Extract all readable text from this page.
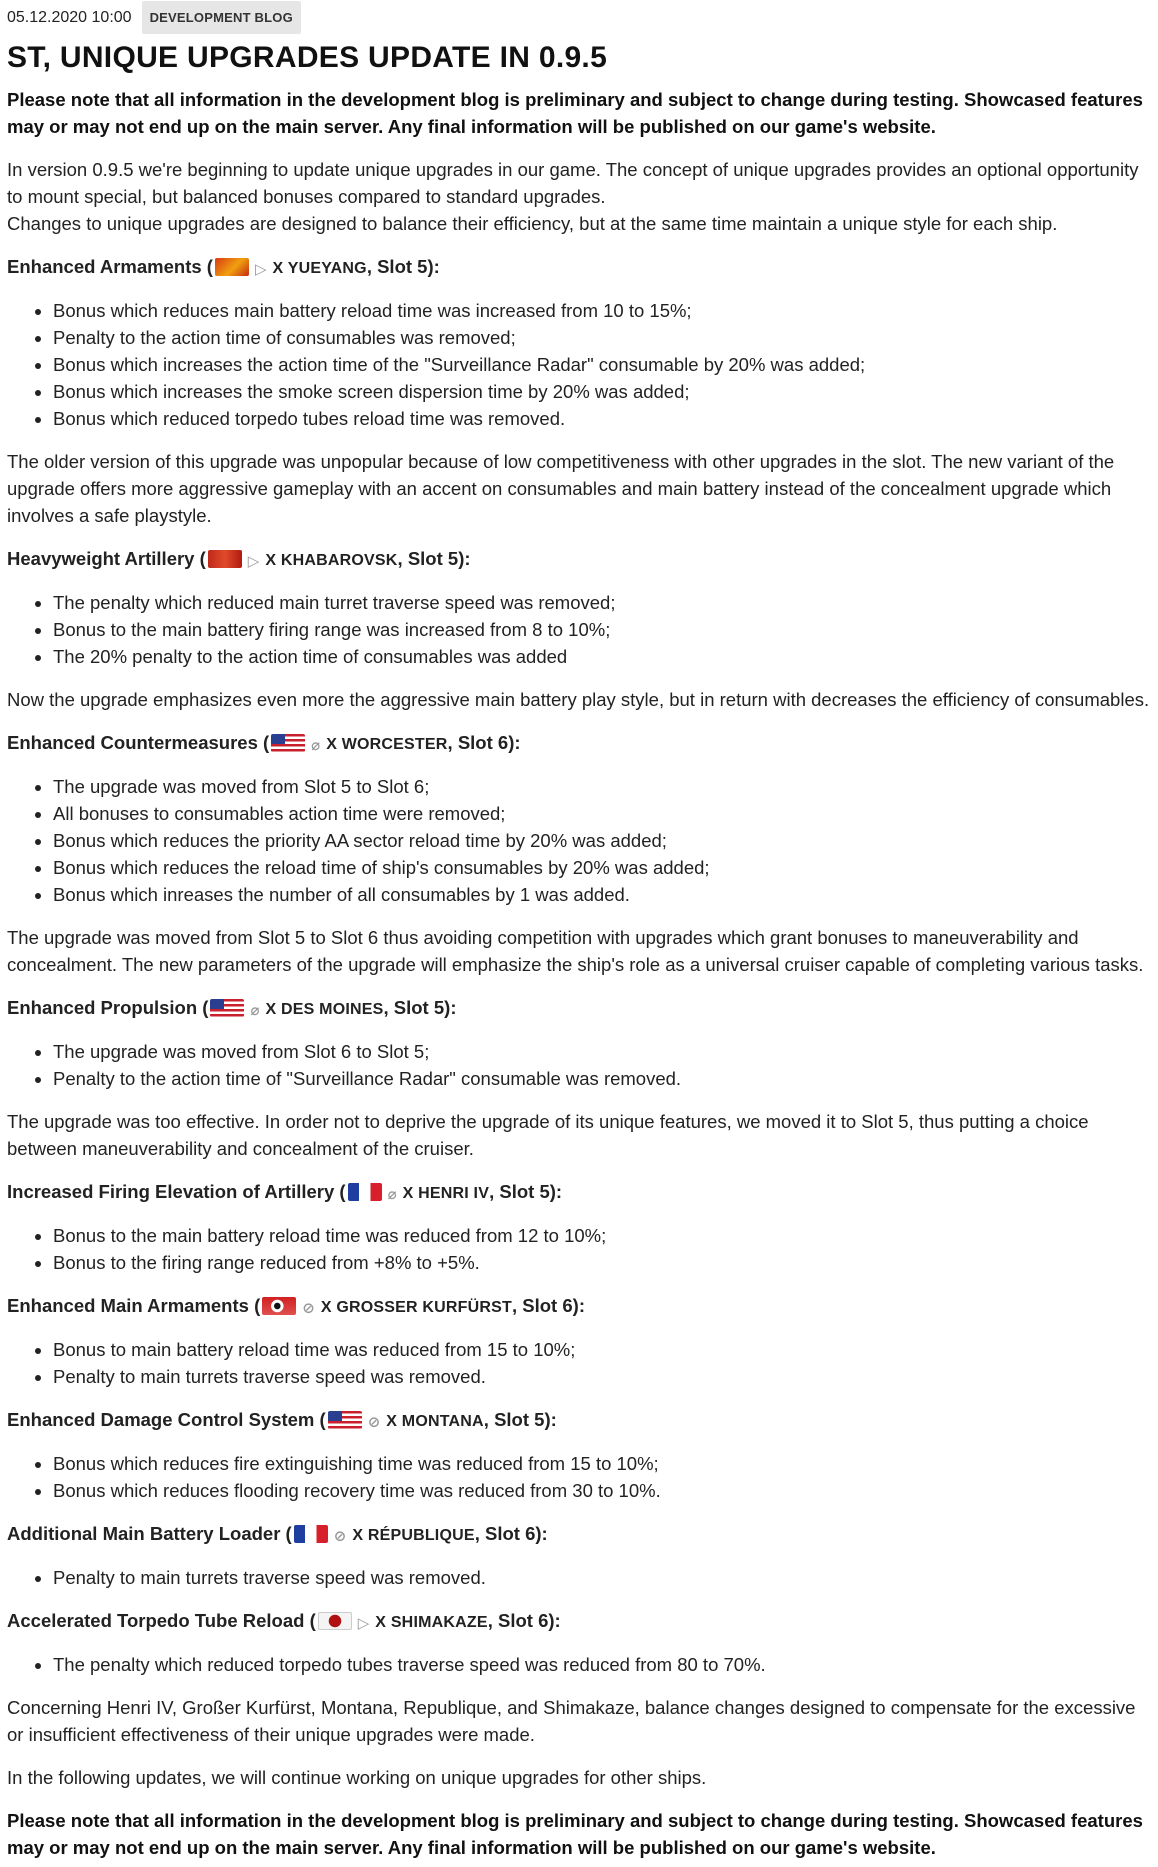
05.12.2020 10:00	DEVELOPMENT BLOG
ST, UNIQUE UPGRADES UPDATE IN 0.9.5

Please note that all information in the development blog is preliminary and subject to change during testing. Showcased features may or may not end up on the main server. Any final information will be published on our game's website.

In version 0.9.5 we're beginning to update unique upgrades in our game. The concept of unique upgrades provides an optional opportunity to mount special, but balanced bonuses compared to standard upgrades.
Changes to unique upgrades are designed to balance their efficiency, but at the same time maintain a unique style for each ship.

Enhanced Armaments (	▷ X YUEYANG, Slot 5):

• Bonus which reduces main battery reload time was increased from 10 to 15%;
• Penalty to the action time of consumables was removed;
• Bonus which increases the action time of the "Surveillance Radar" consumable by 20% was added;
• Bonus which increases the smoke screen dispersion time by 20% was added;
• Bonus which reduced torpedo tubes reload time was removed.

The older version of this upgrade was unpopular because of low competitiveness with other upgrades in the slot. The new variant of the upgrade offers more aggressive gameplay with an accent on consumables and main battery instead of the concealment upgrade which involves a safe playstyle.

Heavyweight Artillery (	▷ X KHABAROVSK, Slot 5):

• The penalty which reduced main turret traverse speed was removed;
• Bonus to the main battery firing range was increased from 8 to 10%;
• The 20% penalty to the action time of consumables was added

Now the upgrade emphasizes even more the aggressive main battery play style, but in return with decreases the efficiency of consumables.

Enhanced Countermeasures (	⌀ X WORCESTER, Slot 6):

• The upgrade was moved from Slot 5 to Slot 6;
• All bonuses to consumables action time were removed;
• Bonus which reduces the priority AA sector reload time by 20% was added;
• Bonus which reduces the reload time of ship's consumables by 20% was added;
• Bonus which inreases the number of all consumables by 1 was added.

The upgrade was moved from Slot 5 to Slot 6 thus avoiding competition with upgrades which grant bonuses to maneuverability and concealment. The new parameters of the upgrade will emphasize the ship's role as a universal cruiser capable of completing various tasks.

Enhanced Propulsion (	⌀ X DES MOINES, Slot 5):

• The upgrade was moved from Slot 6 to Slot 5;
• Penalty to the action time of "Surveillance Radar" consumable was removed.

The upgrade was too effective. In order not to deprive the upgrade of its unique features, we moved it to Slot 5, thus putting a choice between maneuverability and concealment of the cruiser.

Increased Firing Elevation of Artillery (	⌀ X HENRI IV, Slot 5):

• Bonus to the main battery reload time was reduced from 12 to 10%;
• Bonus to the firing range reduced from +8% to +5%.

Enhanced Main Armaments (	⊘ X GROSSER KURFÜRST, Slot 6):

• Bonus to main battery reload time was reduced from 15 to 10%;
• Penalty to main turrets traverse speed was removed.

Enhanced Damage Control System (	⊘ X MONTANA, Slot 5):

• Bonus which reduces fire extinguishing time was reduced from 15 to 10%;
• Bonus which reduces flooding recovery time was reduced from 30 to 10%.

Additional Main Battery Loader (	⊘ X RÉPUBLIQUE, Slot 6):

• Penalty to main turrets traverse speed was removed.

Accelerated Torpedo Tube Reload (	▷ X SHIMAKAZE, Slot 6):

• The penalty which reduced torpedo tubes traverse speed was reduced from 80 to 70%.

Concerning Henri IV, Großer Kurfürst, Montana, Republique, and Shimakaze, balance changes designed to compensate for the excessive or insufficient effectiveness of their unique upgrades were made.

In the following updates, we will continue working on unique upgrades for other ships.

Please note that all information in the development blog is preliminary and subject to change during testing. Showcased features may or may not end up on the main server. Any final information will be published on our game's website.
